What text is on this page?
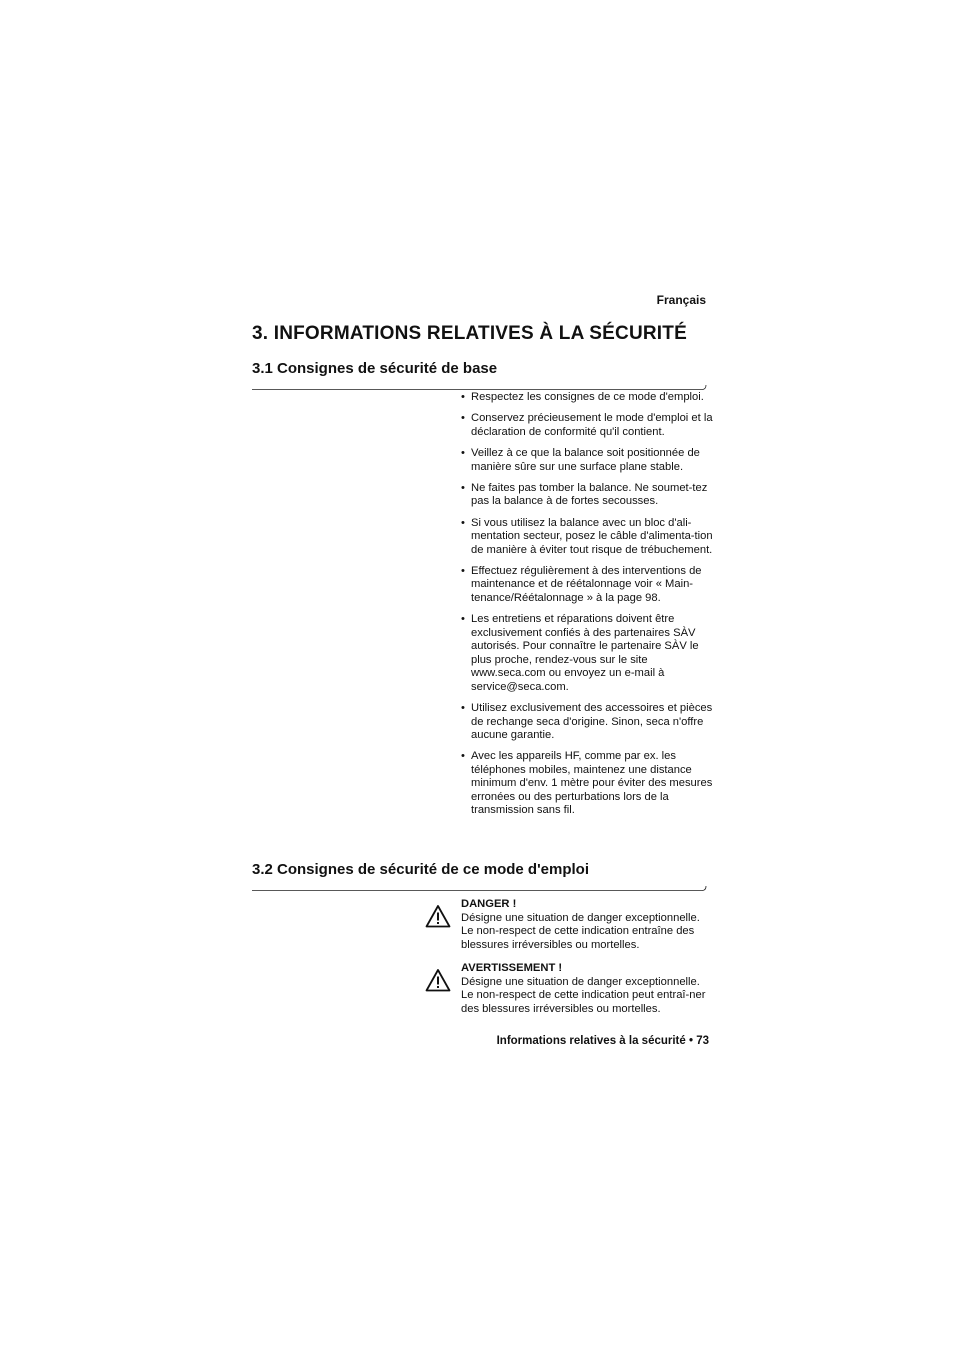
Français
3. INFORMATIONS RELATIVES À LA SÉCURITÉ
3.1 Consignes de sécurité de base
• Respectez les consignes de ce mode d'emploi.
• Conservez précieusement le mode d'emploi et la déclaration de conformité qu'il contient.
• Veillez à ce que la balance soit positionnée de manière sûre sur une surface plane stable.
• Ne faites pas tomber la balance. Ne soumet-tez pas la balance à de fortes secousses.
• Si vous utilisez la balance avec un bloc d'ali-mentation secteur, posez le câble d'alimenta-tion de manière à éviter tout risque de trébuchement.
• Effectuez régulièrement à des interventions de maintenance et de réétalonnage voir « Main-tenance/Réétalonnage » à la page 98.
• Les entretiens et réparations doivent être exclusivement confiés à des partenaires SÀV autorisés. Pour connaître le partenaire SÀV le plus proche, rendez-vous sur le site www.seca.com ou envoyez un e-mail à service@seca.com.
• Utilisez exclusivement des accessoires et pièces de rechange seca d'origine. Sinon, seca n'offre aucune garantie.
• Avec les appareils HF, comme par ex. les téléphones mobiles, maintenez une distance minimum d'env. 1 mètre pour éviter des mesures erronées ou des perturbations lors de la transmission sans fil.
3.2 Consignes de sécurité de ce mode d'emploi
DANGER !
Désigne une situation de danger exceptionnelle. Le non-respect de cette indication entraîne des blessures irréversibles ou mortelles.
AVERTISSEMENT !
Désigne une situation de danger exceptionnelle. Le non-respect de cette indication peut entraî-ner des blessures irréversibles ou mortelles.
Informations relatives à la sécurité • 73
